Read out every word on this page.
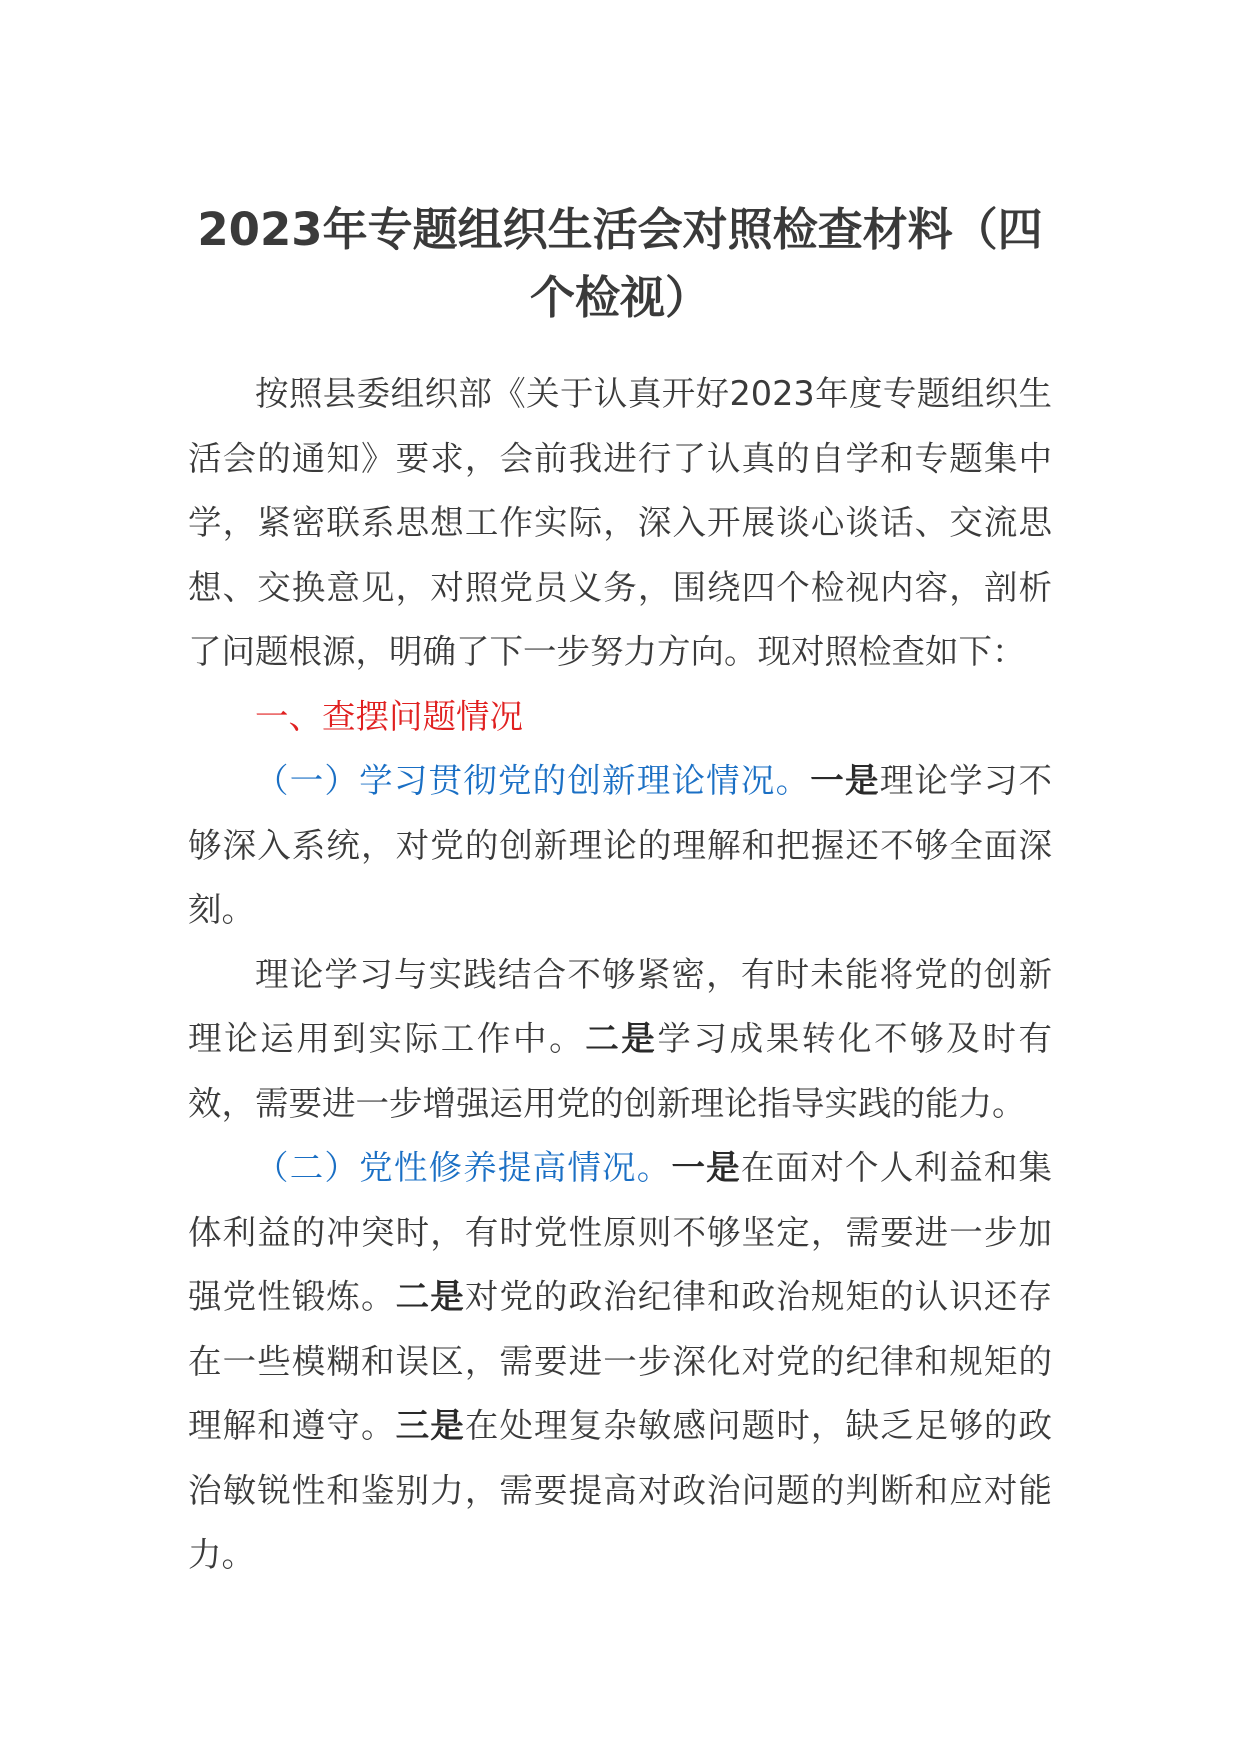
2023年专题组织生活会对照检查材料（四个检视）

按照县委组织部《关于认真开好2023年度专题组织生活会的通知》要求，会前我进行了认真的自学和专题集中学，紧密联系思想工作实际，深入开展谈心谈话、交流思想、交换意见，对照党员义务，围绕四个检视内容，剖析了问题根源，明确了下一步努力方向。现对照检查如下：

一、查摆问题情况

（一）学习贯彻党的创新理论情况。一是理论学习不够深入系统，对党的创新理论的理解和把握还不够全面深刻。

理论学习与实践结合不够紧密，有时未能将党的创新理论运用到实际工作中。二是学习成果转化不够及时有效，需要进一步增强运用党的创新理论指导实践的能力。

（二）党性修养提高情况。一是在面对个人利益和集体利益的冲突时，有时党性原则不够坚定，需要进一步加强党性锻炼。二是对党的政治纪律和政治规矩的认识还存在一些模糊和误区，需要进一步深化对党的纪律和规矩的理解和遵守。三是在处理复杂敏感问题时，缺乏足够的政治敏锐性和鉴别力，需要提高对政治问题的判断和应对能力。
